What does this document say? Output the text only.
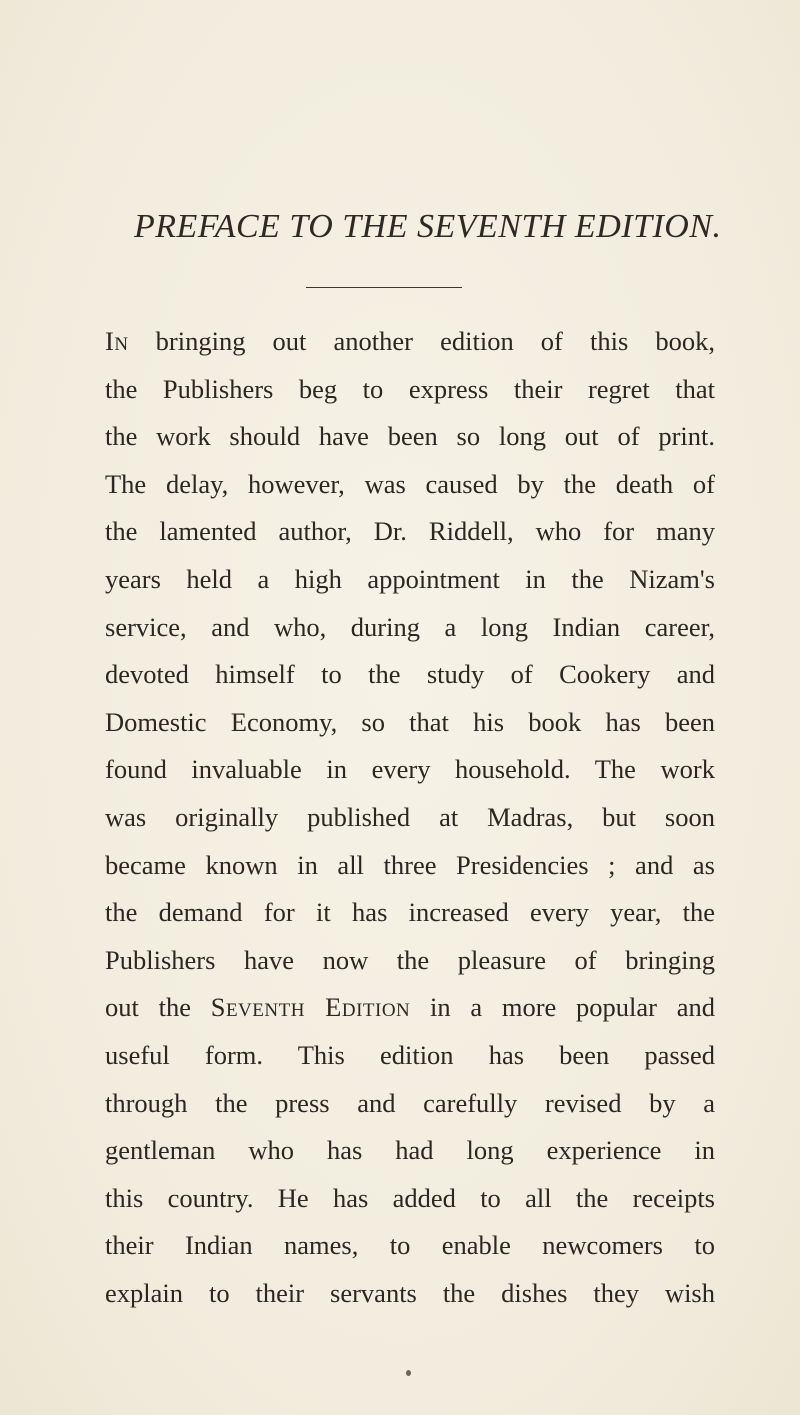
PREFACE TO THE SEVENTH EDITION.
In bringing out another edition of this book,
the Publishers beg to express their regret that
the work should have been so long out of print.
The delay, however, was caused by the death of
the lamented author, Dr. Riddell, who for many
years held a high appointment in the Nizam's
service, and who, during a long Indian career,
devoted himself to the study of Cookery and
Domestic Economy, so that his book has been
found invaluable in every household. The work
was originally published at Madras, but soon
became known in all three Presidencies ; and as
the demand for it has increased every year, the
Publishers have now the pleasure of bringing
out the Seventh Edition in a more popular and
useful form. This edition has been passed
through the press and carefully revised by a
gentleman who has had long experience in
this country. He has added to all the receipts
their Indian names, to enable newcomers to
explain to their servants the dishes they wish
